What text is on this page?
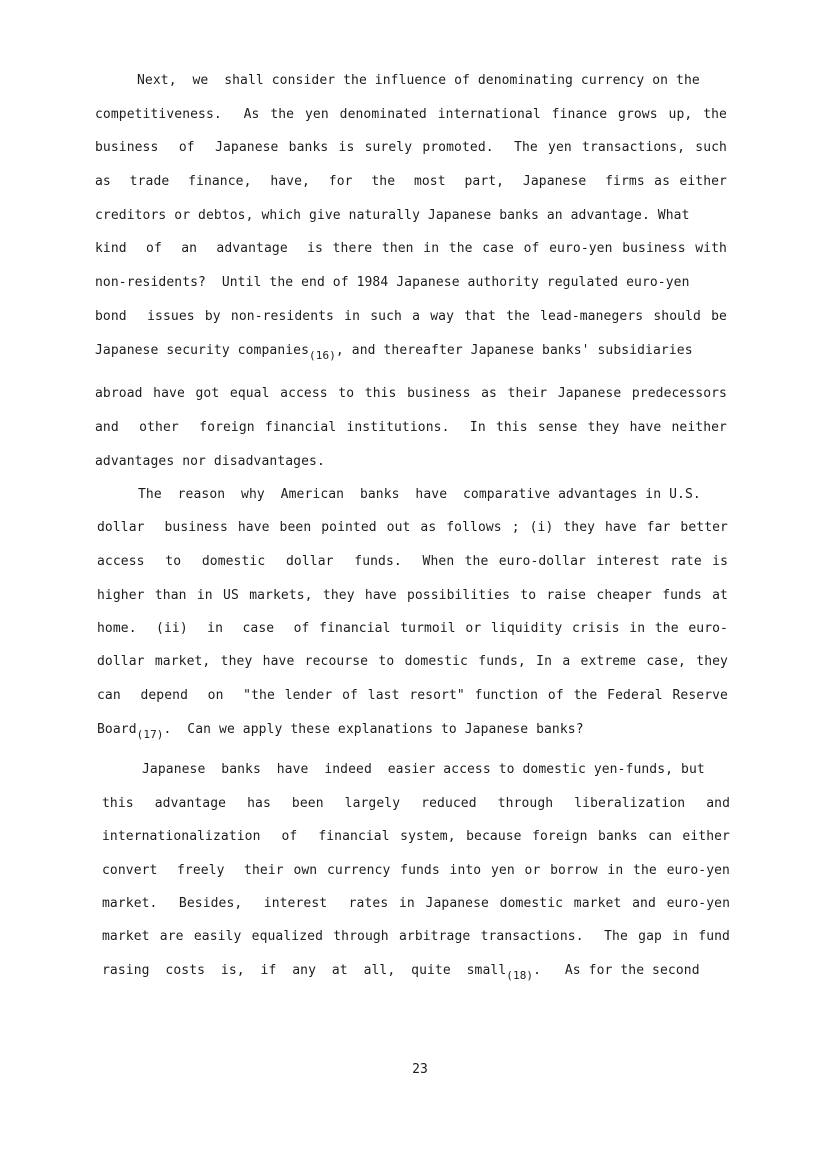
Next,  we  shall consider the influence of denominating currency on the

competitiveness.  As the yen denominated international finance grows up, the

business  of  Japanese banks is surely promoted.  The yen transactions, such

as  trade  finance,  have,  for  the  most  part,  Japanese  firms as either

creditors or debtos, which give naturally Japanese banks an advantage. What

kind  of  an  advantage  is there then in the case of euro-yen business with

non-residents?  Until the end of 1984 Japanese authority regulated euro-yen

bond  issues by non-residents in such a way that the lead-manegers should be

Japanese security companies$_{(16)}$, and thereafter Japanese banks' subsidiaries

abroad have got equal access to this business as their Japanese predecessors

and  other  foreign financial institutions.  In this sense they have neither

advantages nor disadvantages.

The  reason  why  American  banks  have  comparative advantages in U.S.

dollar  business have been pointed out as follows ; (i) they have far better

access  to  domestic  dollar  funds.  When the euro-dollar interest rate is

higher than in US markets, they have possibilities to raise cheaper funds at

home.  (ii)  in  case  of financial turmoil or liquidity crisis in the euro-

dollar market, they have recourse to domestic funds, In a extreme case, they

can  depend  on  "the lender of last resort" function of the Federal Reserve

Board$_{(17)}$.  Can we apply these explanations to Japanese banks?

Japanese  banks  have  indeed  easier access to domestic yen-funds, but

this  advantage  has  been  largely  reduced  through  liberalization  and

internationalization  of  financial system, because foreign banks can either

convert  freely  their own currency funds into yen or borrow in the euro-yen

market.  Besides,  interest  rates in Japanese domestic market and euro-yen

market are easily equalized through arbitrage transactions.  The gap in fund

rasing  costs  is,  if  any  at  all,  quite  small$_{(18)}$.   As for the second

23
